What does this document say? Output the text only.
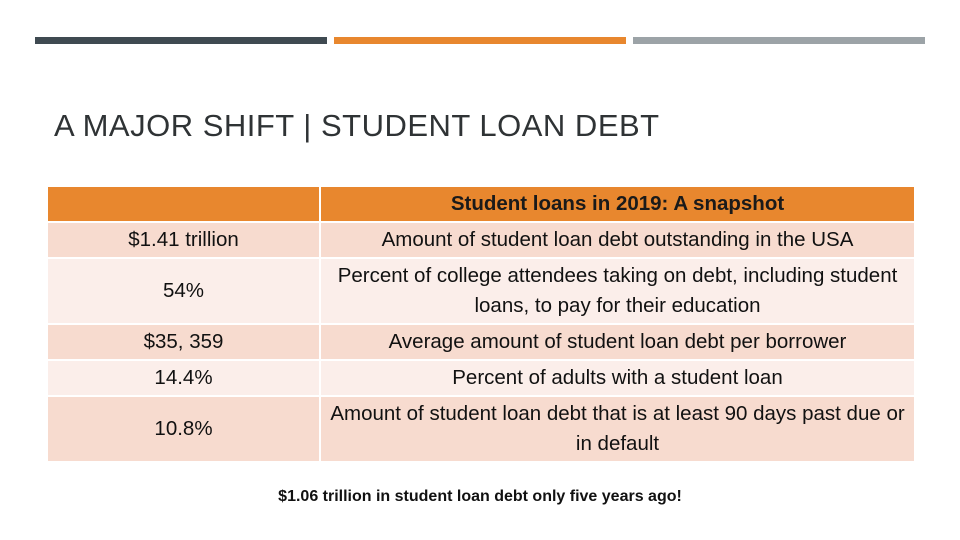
A MAJOR SHIFT | STUDENT LOAN DEBT
	Student loans in 2019: A snapshot
$1.41 trillion	Amount of student loan debt outstanding in the USA
54%	Percent of college attendees taking on debt, including student loans, to pay for their education
$35, 359	Average amount of student loan debt per borrower
14.4%	Percent of adults with a student loan
10.8%	Amount of student loan debt that is at least 90 days past due or in default
$1.06 trillion in student loan debt only five years ago!
